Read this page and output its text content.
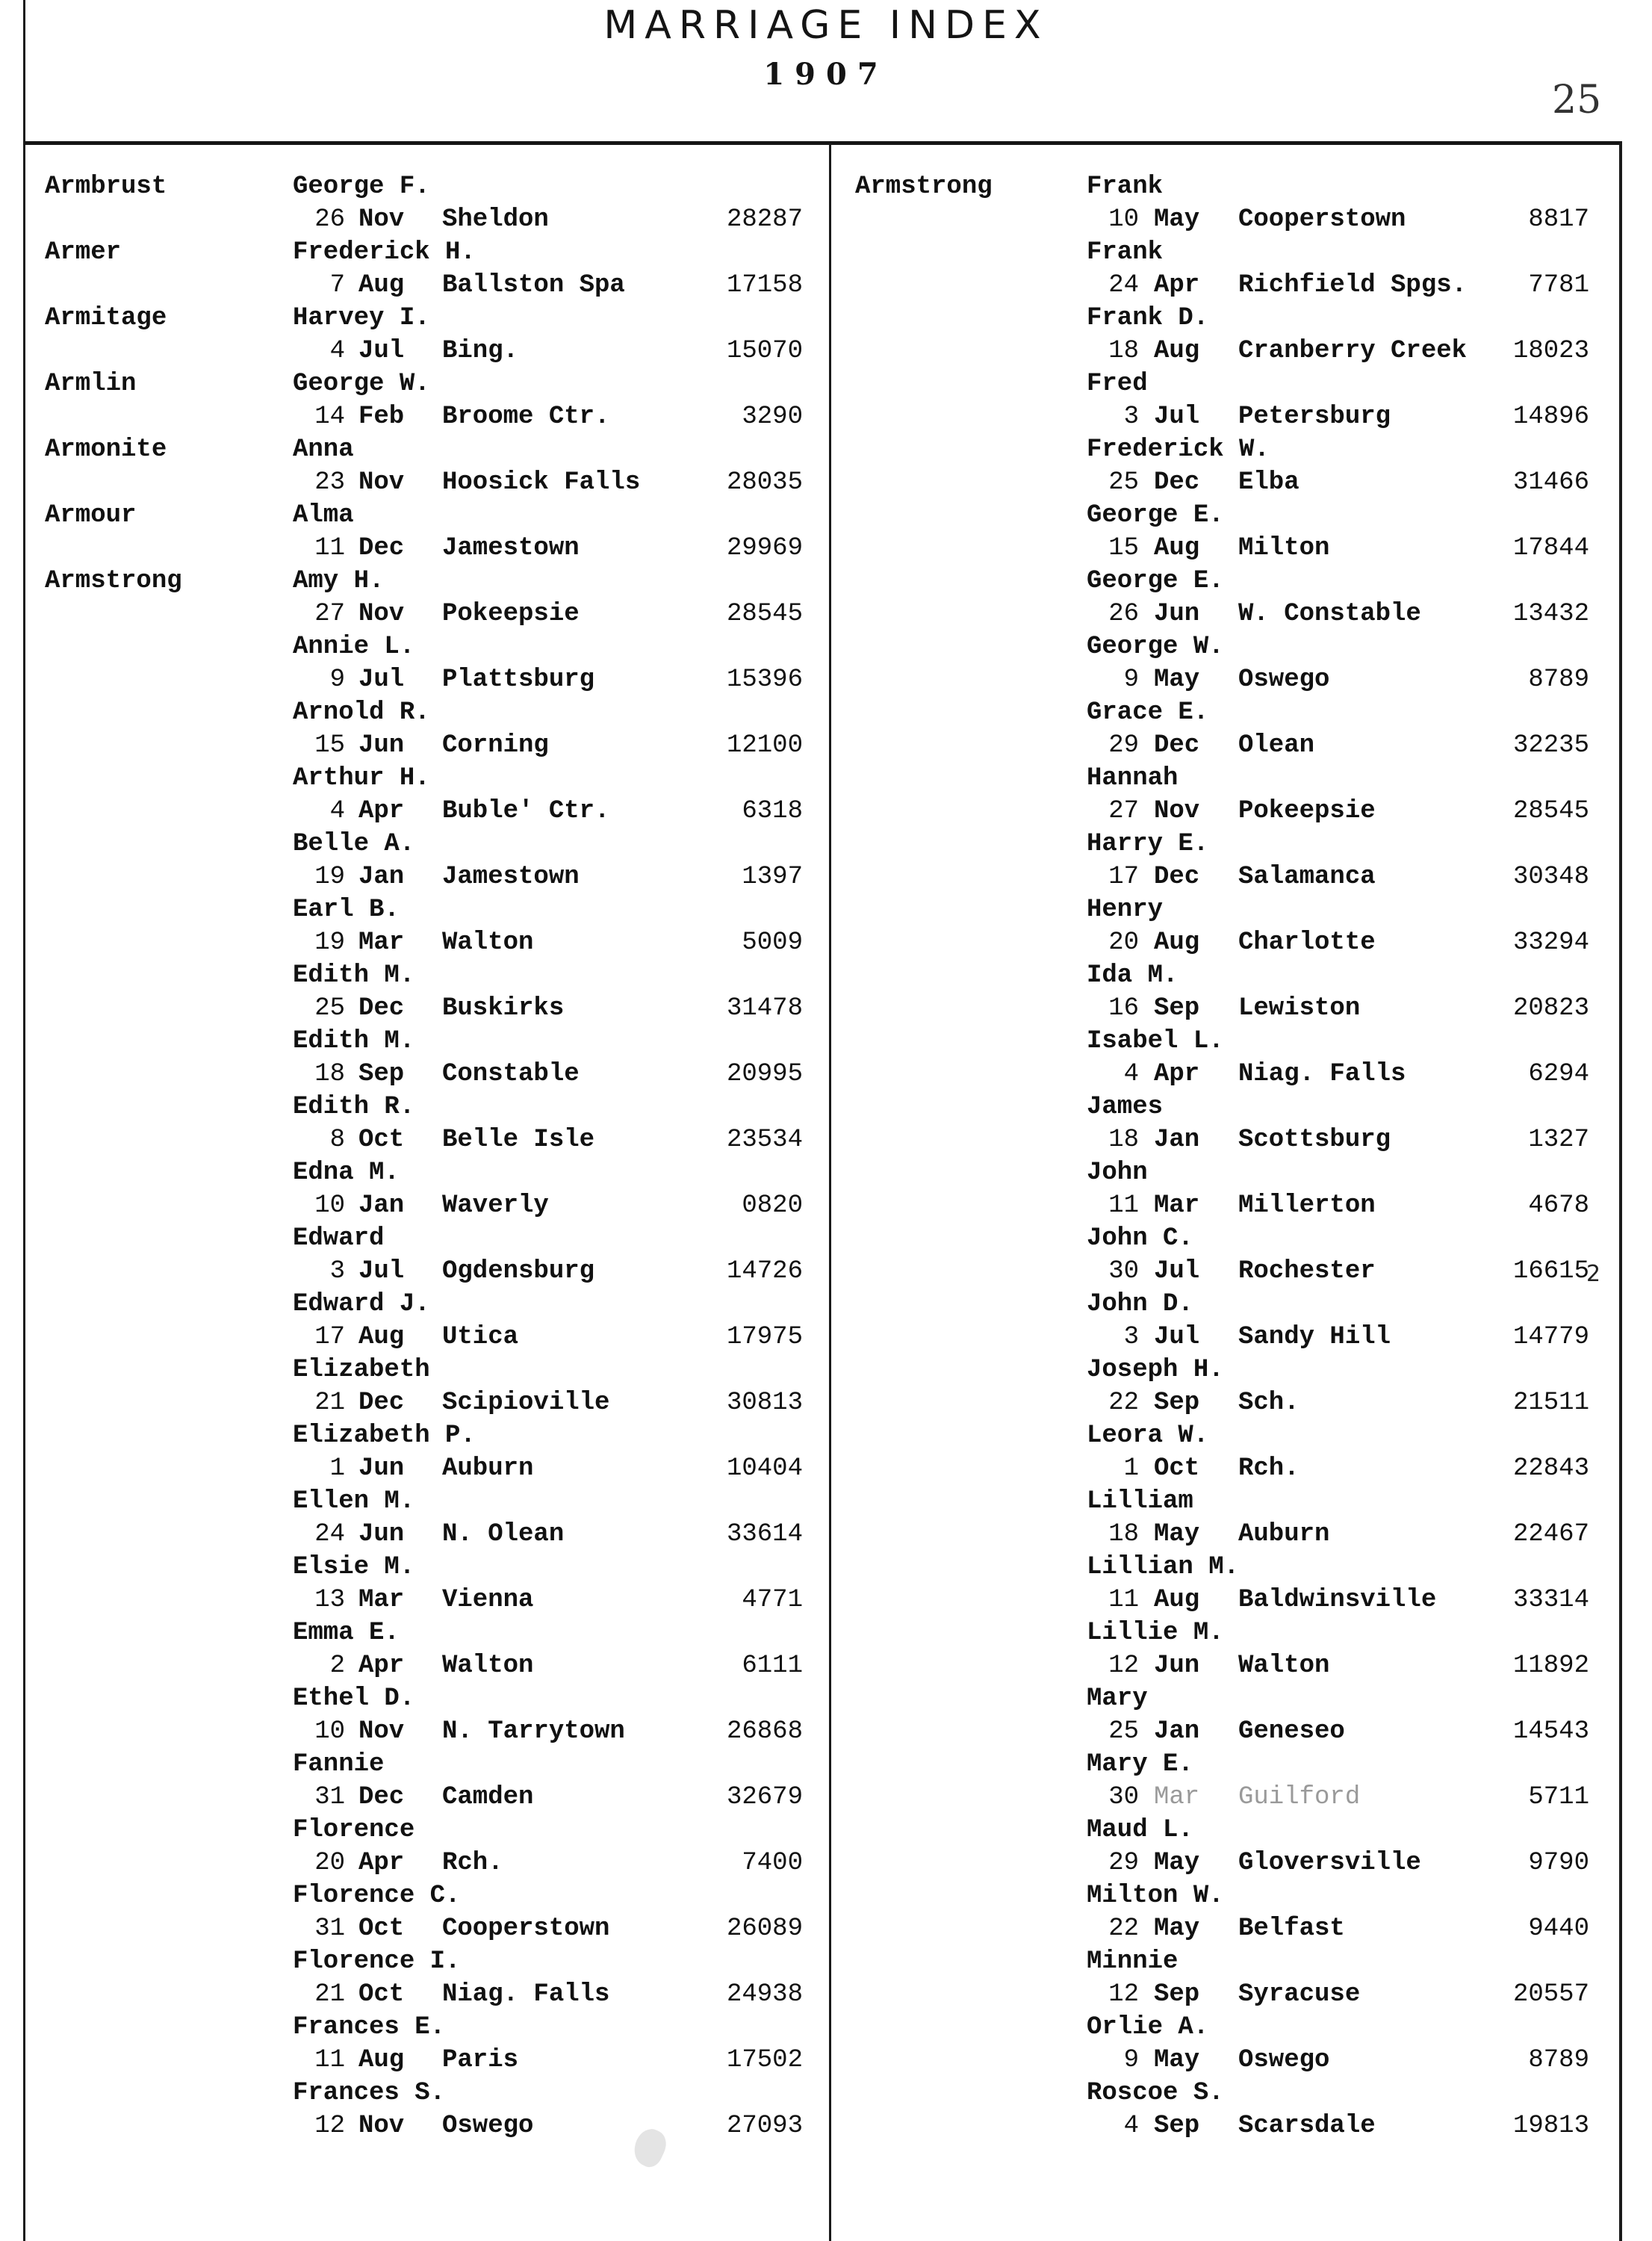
MARRIAGE INDEX
1907
25
Armbrust	George F.
26 Nov Sheldon	28287
Armer	Frederick H.
7 Aug Ballston Spa	17158
Armitage	Harvey I.
4 Jul Bing.	15070
Armlin	George W.
14 Feb Broome Ctr.	3290
Armonite	Anna
23 Nov Hoosick Falls	28035
Armour	Alma
11 Dec Jamestown	29969
Armstrong	Amy H.
27 Nov Pokeepsie	28545
Annie L.
9 Jul Plattsburg	15396
Arnold R.
15 Jun Corning	12100
Arthur H.
4 Apr Buble' Ctr.	6318
Belle A.
19 Jan Jamestown	1397
Earl B.
19 Mar Walton	5009
Edith M.
25 Dec Buskirks	31478
Edith M.
18 Sep Constable	20995
Edith R.
8 Oct Belle Isle	23534
Edna M.
10 Jan Waverly	0820
Edward
3 Jul Ogdensburg	14726
Edward J.
17 Aug Utica	17975
Elizabeth
21 Dec Scipioville	30813
Elizabeth P.
1 Jun Auburn	10404
Ellen M.
24 Jun N. Olean	33614
Elsie M.
13 Mar Vienna	4771
Emma E.
2 Apr Walton	6111
Ethel D.
10 Nov N. Tarrytown	26868
Fannie
31 Dec Camden	32679
Florence
20 Apr Rch.	7400
Florence C.
31 Oct Cooperstown	26089
Florence I.
21 Oct Niag. Falls	24938
Frances E.
11 Aug Paris	17502
Frances S.
12 Nov Oswego	27093
Armstrong	Frank
10 May Cooperstown	8817
Frank
24 Apr Richfield Spgs.	7781
Frank D.
18 Aug Cranberry Creek	18023
Fred
3 Jul Petersburg	14896
Frederick W.
25 Dec Elba	31466
George E.
15 Aug Milton	17844
George E.
26 Jun W. Constable	13432
George W.
9 May Oswego	8789
Grace E.
29 Dec Olean	32235
Hannah
27 Nov Pokeepsie	28545
Harry E.
17 Dec Salamanca	30348
Henry
20 Aug Charlotte	33294
Ida M.
16 Sep Lewiston	20823
Isabel L.
4 Apr Niag. Falls	6294
James
18 Jan Scottsburg	1327
John
11 Mar Millerton	4678
John C.
30 Jul Rochester	16615
John D.
3 Jul Sandy Hill	14779
Joseph H.
22 Sep Sch.	21511
Leora W.
1 Oct Rch.	22843
Lilliam
18 May Auburn	22467
Lillian M.
11 Aug Baldwinsville	33314
Lillie M.
12 Jun Walton	11892
Mary
25 Jan Geneseo	14543
Mary E.
30 Mar Guilford	5711
Maud L.
29 May Gloversville	9790
Milton W.
22 May Belfast	9440
Minnie
12 Sep Syracuse	20557
Orlie A.
9 May Oswego	8789
Roscoe S.
4 Sep Scarsdale	19813
2
